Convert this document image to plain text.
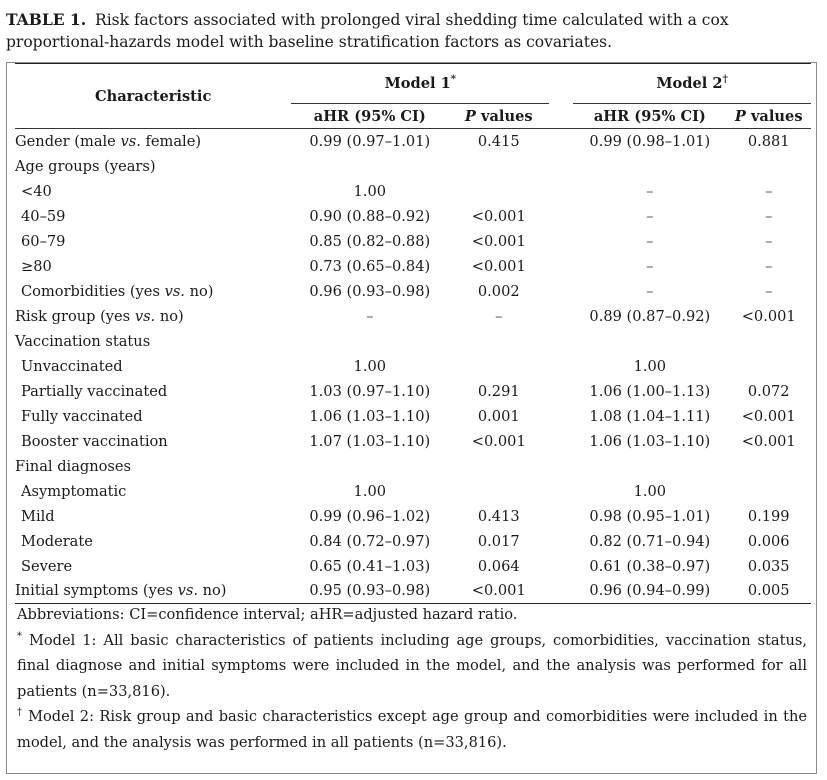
TABLE 1. Risk factors associated with prolonged viral shedding time calculated with a cox proportional-hazards model with baseline stratification factors as covariates.
Characteristic	Model 1*			Model 2†
	aHR (95% CI)	P values		aHR (95% CI)	P values
Gender (male vs. female)	0.99 (0.97–1.01)	0.415		0.99 (0.98–1.01)	0.881
Age groups (years)					
<40	1.00			–	–
40–59	0.90 (0.88–0.92)	<0.001		–	–
60–79	0.85 (0.82–0.88)	<0.001		–	–
≥80	0.73 (0.65–0.84)	<0.001		–	–
Comorbidities (yes vs. no)	0.96 (0.93–0.98)	0.002		–	–
Risk group (yes vs. no)	–	–		0.89 (0.87–0.92)	<0.001
Vaccination status					
Unvaccinated	1.00			1.00	
Partially vaccinated	1.03 (0.97–1.10)	0.291		1.06 (1.00–1.13)	0.072
Fully vaccinated	1.06 (1.03–1.10)	0.001		1.08 (1.04–1.11)	<0.001
Booster vaccination	1.07 (1.03–1.10)	<0.001		1.06 (1.03–1.10)	<0.001
Final diagnoses					
Asymptomatic	1.00			1.00	
Mild	0.99 (0.96–1.02)	0.413		0.98 (0.95–1.01)	0.199
Moderate	0.84 (0.72–0.97)	0.017		0.82 (0.71–0.94)	0.006
Severe	0.65 (0.41–1.03)	0.064		0.61 (0.38–0.97)	0.035
Initial symptoms (yes vs. no)	0.95 (0.93–0.98)	<0.001		0.96 (0.94–0.99)	0.005

Abbreviations: CI=confidence interval; aHR=adjusted hazard ratio.

* Model 1: All basic characteristics of patients including age groups, comorbidities, vaccination status, final diagnose and initial symptoms were included in the model, and the analysis was performed for all patients (n=33,816).

† Model 2: Risk group and basic characteristics except age group and comorbidities were included in the model, and the analysis was performed in all patients (n=33,816).
